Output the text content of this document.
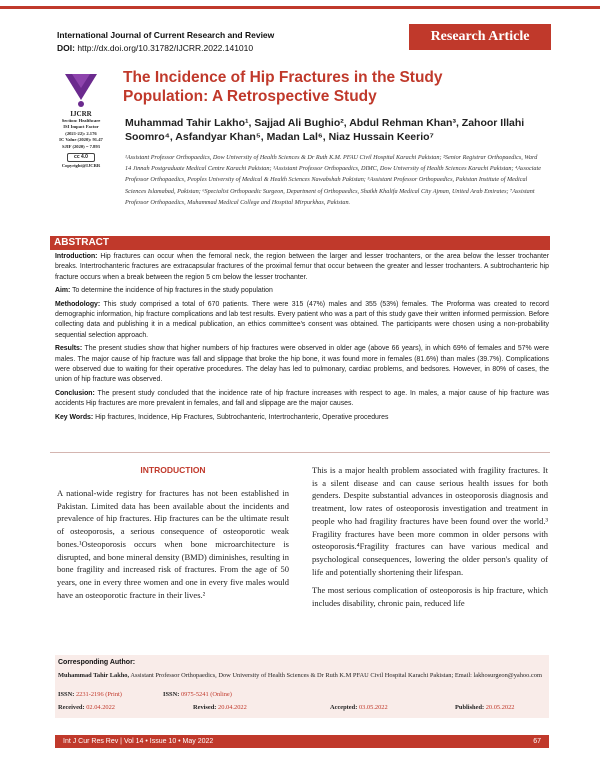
International Journal of Current Research and Review
DOI: http://dx.doi.org/10.31782/IJCRR.2022.141010
Research Article
IJCRR
Section: Healthcare
ISI Impact Factor
(2021-22): 2.176
IC Value (2020): 91.47
SJIF (2020) = 7.893
cc 4.0
Copyright@IJCRR
The Incidence of Hip Fractures in the Study Population: A Retrospective Study
Muhammad Tahir Lakho¹, Sajjad Ali Bughio², Abdul Rehman Khan³, Zahoor Illahi Soomro⁴, Asfandyar Khan⁵, Madan Lal⁶, Niaz Hussain Keerio⁷
¹Assistant Professor Orthopaedics, Dow University of Health Sciences & Dr Ruth K.M. PFAU Civil Hospital Karachi Pakistan; ²Senior Registrar Orthopaedics, Ward 14 Jinnah Postgraduate Medical Centre Karachi Pakistan; ³Assistant Professor Orthopaedics, DIMC, Dow University of Health Sciences Karachi Pakistan; ⁴Associate Professor Orthopaedics, Peoples University of Medical & Health Sciences Nawabshah Pakistan; ⁵Assistant Professor Orthopaedics, Pakistan Institute of Medical Sciences Islamabad, Pakistan; ⁶Specialist Orthopaedic Surgeon, Department of Orthopaedics, Shaikh Khalifa Medical City Ajman, United Arab Emirates; ⁷Assistant Professor Orthopaedics, Muhammad Medical College and Hospital Mirpurkhas, Pakistan.
ABSTRACT

Introduction: Hip fractures can occur when the femoral neck, the region between the larger and lesser trochanters, or the area below the lesser trochanter breaks. Intertrochanteric fractures are extracapsular fractures of the proximal femur that occur between the greater and lesser trochanters. A subtrochanteric hip fracture occurs when a break between the region 5 cm below the lesser trochanter.

Aim: To determine the incidence of hip fractures in the study population

Methodology: This study comprised a total of 670 patients. There were 315 (47%) males and 355 (53%) females. The Proforma was created to record demographic information, hip fracture complications and lab test results. Every patient who was a part of this study gave their written informed permission. Before collecting data and publishing it in a medical publication, an ethics committee's consent was obtained. The participants were chosen using a non-probability sequential selection approach.

Results: The present studies show that higher numbers of hip fractures were observed in older age (above 66 years), in which 69% of females and 57% were males. The major cause of hip fracture was fall and slippage that broke the hip bone, it was found more in females (81.6%) than males (39.7%). Complications were observed due to waiting for their operative procedures. The delay has led to pulmonary, cardiac problems, and bedsores. However, in 80% of cases, the union of hip fracture was observed.

Conclusion: The present study concluded that the incidence rate of hip fracture increases with respect to age. In males, a major cause of hip fracture was accidents Hip fractures are more prevalent in females, and fall and slippage are the major causes.

Key Words: Hip fractures, Incidence, Hip Fractures, Subtrochanteric, Intertrochanteric, Operative procedures

INTRODUCTION

A national-wide registry for fractures has not been established in Pakistan. Limited data has been available about the incidents and prevalence of hip fractures. Hip fractures can be the ultimate result of osteoporosis, a serious consequence of osteoporotic weak bones.¹Osteoporosis occurs when bone microarchitecture is disrupted, and bone mineral density (BMD) diminishes, resulting in bone fragility and increased risk of fractures. From the age of 50 years, one in every three women and one in every five males would have an osteoporotic fracture in their lives.²

This is a major health problem associated with fragility fractures. It is a silent disease and can cause serious health issues for both genders. Despite substantial advances in osteoporosis diagnosis and treatment, low rates of osteoporosis investigation and treatment in people who had fragility fractures have been found over the world.³ Fragility fractures have been more common in older persons with osteoporosis.⁴Fragility fractures can have various medical and psychological consequences, lowering the older person's quality of life and potentially shortening their lifespan.

The most serious complication of osteoporosis is hip fracture, which includes disability, chronic pain, reduced life

Corresponding Author:
Muhammad Tahir Lakho, Assistant Professor Orthopaedics, Dow University of Health Sciences & Dr Ruth K.M PFAU Civil Hospital Karachi Pakistan; Email: lakhosurgeon@yahoo.com
ISSN: 2231-2196 (Print)	ISSN: 0975-5241 (Online)
Received: 02.04.2022	Revised: 20.04.2022	Accepted: 03.05.2022	Published: 20.05.2022
Int J Cur Res Rev | Vol 14 • Issue 10 • May 2022	67
